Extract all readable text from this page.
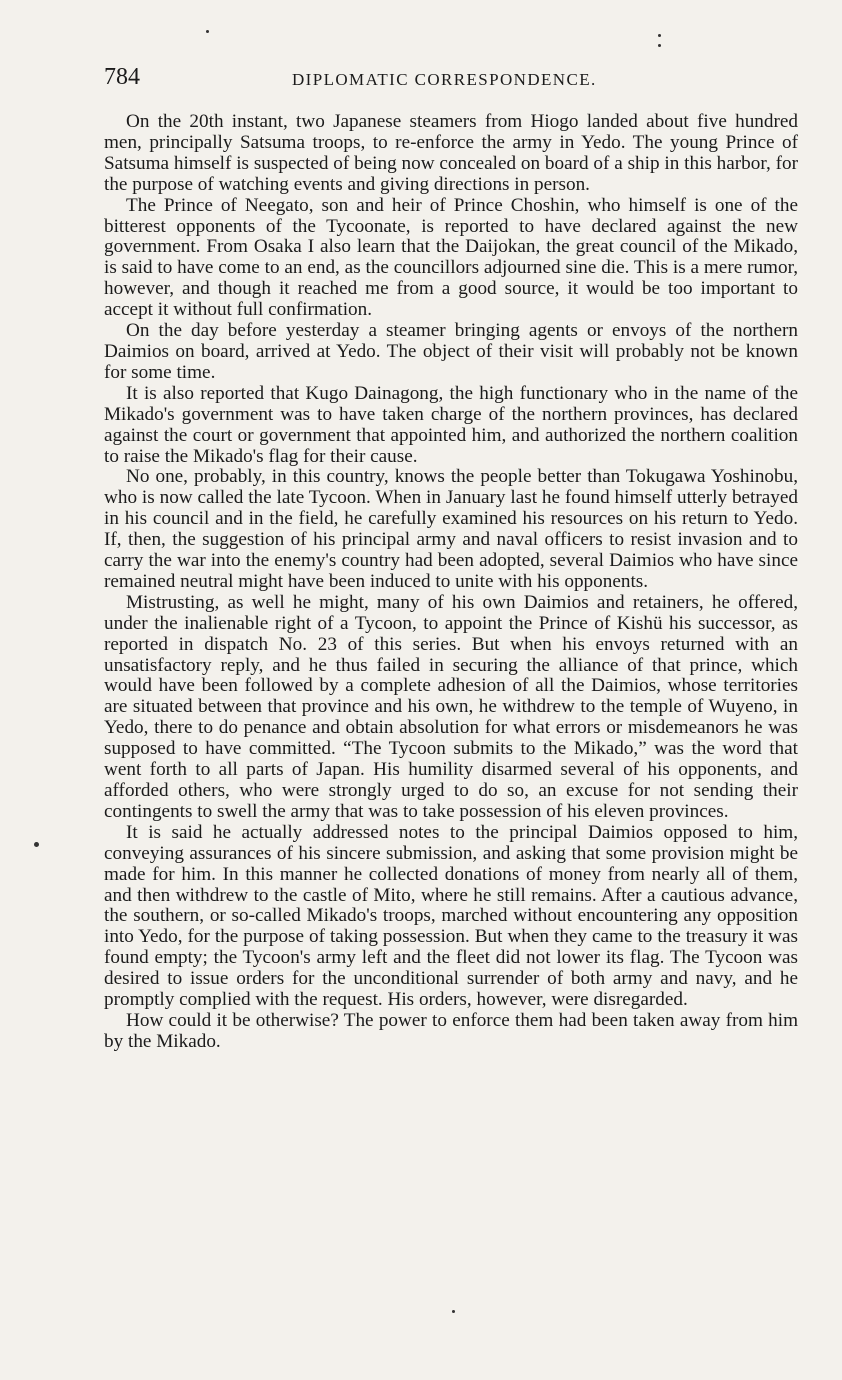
784	DIPLOMATIC CORRESPONDENCE.

On the 20th instant, two Japanese steamers from Hiogo landed about five hundred men, principally Satsuma troops, to re-enforce the army in Yedo. The young Prince of Satsuma himself is suspected of being now concealed on board of a ship in this harbor, for the purpose of watching events and giving directions in person.

The Prince of Neegato, son and heir of Prince Choshin, who himself is one of the bitterest opponents of the Tycoonate, is reported to have declared against the new government. From Osaka I also learn that the Daijokan, the great council of the Mikado, is said to have come to an end, as the councillors adjourned sine die. This is a mere rumor, however, and though it reached me from a good source, it would be too important to accept it without full confirmation.

On the day before yesterday a steamer bringing agents or envoys of the northern Daimios on board, arrived at Yedo. The object of their visit will probably not be known for some time.

It is also reported that Kugo Dainagong, the high functionary who in the name of the Mikado's government was to have taken charge of the northern provinces, has declared against the court or government that appointed him, and authorized the northern coalition to raise the Mikado's flag for their cause.

No one, probably, in this country, knows the people better than Tokugawa Yoshinobu, who is now called the late Tycoon. When in January last he found himself utterly betrayed in his council and in the field, he carefully examined his resources on his return to Yedo. If, then, the suggestion of his principal army and naval officers to resist invasion and to carry the war into the enemy's country had been adopted, several Daimios who have since remained neutral might have been induced to unite with his opponents.

Mistrusting, as well he might, many of his own Daimios and retainers, he offered, under the inalienable right of a Tycoon, to appoint the Prince of Kishü his successor, as reported in dispatch No. 23 of this series. But when his envoys returned with an unsatisfactory reply, and he thus failed in securing the alliance of that prince, which would have been followed by a complete adhesion of all the Daimios, whose territories are situated between that province and his own, he withdrew to the temple of Wuyeno, in Yedo, there to do penance and obtain absolution for what errors or misdemeanors he was supposed to have committed. “The Tycoon submits to the Mikado,” was the word that went forth to all parts of Japan. His humility disarmed several of his opponents, and afforded others, who were strongly urged to do so, an excuse for not sending their contingents to swell the army that was to take possession of his eleven provinces.

It is said he actually addressed notes to the principal Daimios opposed to him, conveying assurances of his sincere submission, and asking that some provision might be made for him. In this manner he collected donations of money from nearly all of them, and then withdrew to the castle of Mito, where he still remains. After a cautious advance, the southern, or so-called Mikado's troops, marched without encountering any opposition into Yedo, for the purpose of taking possession. But when they came to the treasury it was found empty; the Tycoon's army left and the fleet did not lower its flag. The Tycoon was desired to issue orders for the unconditional surrender of both army and navy, and he promptly complied with the request. His orders, however, were disregarded.

How could it be otherwise? The power to enforce them had been taken away from him by the Mikado.
